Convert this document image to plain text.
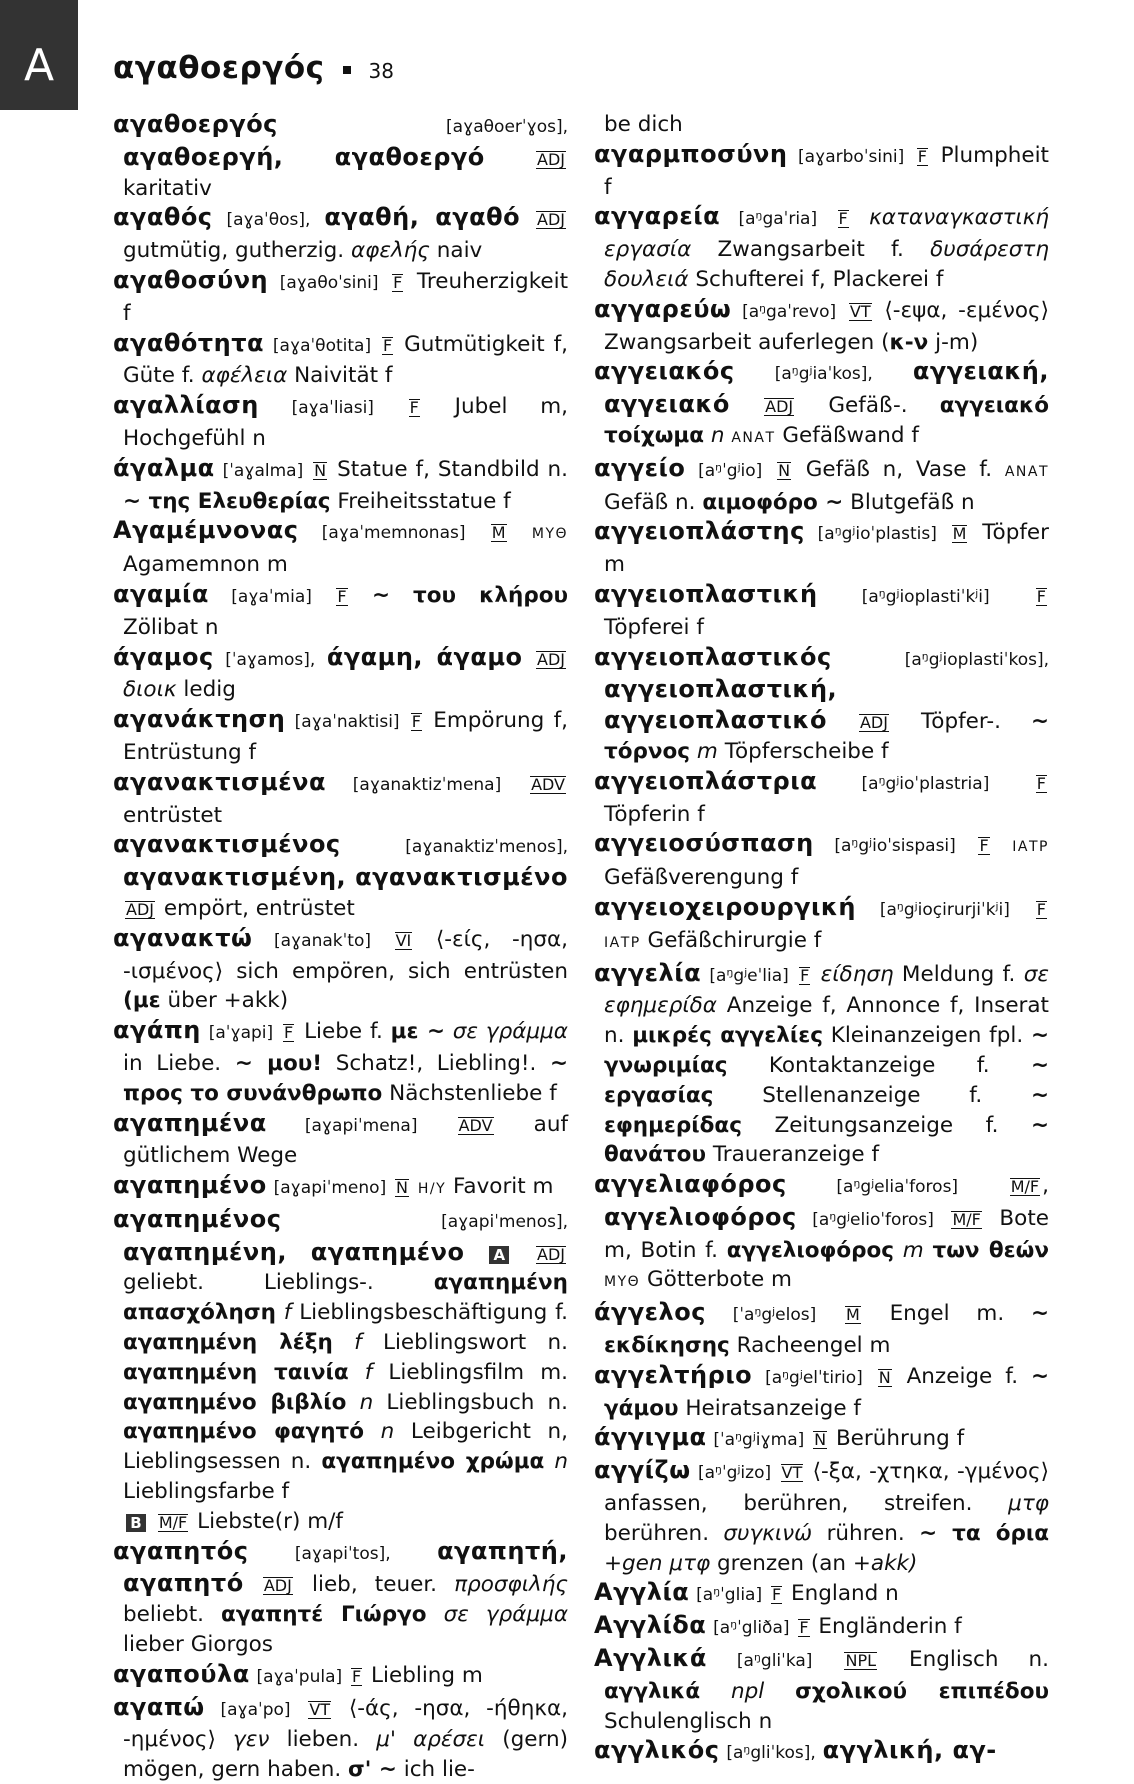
A αγαθοεργός 38
αγαθοεργός	[aɣaθoerˈɣos], αγαθοεργή, αγαθοεργό	ADJ karitativ
αγαθός [aɣaˈθos], αγαθή, αγαθό ADJ gutmütig, gutherzig. αφελής naiv
αγαθοσύνη [aɣaθoˈsini] F Treuherzigkeit f
αγαθότητα [aɣaˈθotita] F Gutmütigkeit f, Güte f. αφέλεια Naivität f
αγαλλίαση [aɣaˈliasi] F Jubel m, Hochgefühl n
άγαλμα [ˈaɣalma] N Statue f, Standbild n. ~ της Ελευθερίας Freiheitsstatue f
Αγαμέμνονας [aɣaˈmemnonas] M ΜΥΘ Agamemnon m
αγαμία [aɣaˈmia] F ~ του κλήρου Zölibat n
άγαμος [ˈaɣamos], άγαμη, άγαμο ADJ διοικ ledig
αγανάκτηση [aɣaˈnaktisi] F Empörung f, Entrüstung f
αγανακτισμένα [aɣanaktizˈmena] ADV entrüstet
αγανακτισμένος	[aɣanaktizˈmenos], αγανακτισμένη, αγανακτισμένο ADJ empört, entrüstet
αγανακτώ [aɣanakˈto] VI ⟨-είς, -ησα, -ισμένος⟩ sich empören, sich entrüsten (με über +akk)
αγάπη [aˈɣapi] F Liebe f. με ~ σε γράμμα in Liebe. ~ μου! Schatz!, Liebling!. ~ προς το συνάνθρωπο Nächstenliebe f
αγαπημένα [aɣapiˈmena]	ADV auf gütlichem Wege
αγαπημένο [aɣapiˈmeno] N Η/Υ Favorit m
αγαπημένος	[aɣapiˈmenos], αγαπημένη, αγαπημένο A ADJ geliebt. Lieblings-.	αγαπημένη απασχόληση f Lieblingsbeschäftigung f. αγαπημένη λέξη f Lieblingswort n. αγαπημένη ταινία f Lieblingsfilm m. αγαπημένο βιβλίο n Lieblingsbuch n. αγαπημένο φαγητό n Leibgericht n, Lieblingsessen n. αγαπημένο χρώμα n Lieblingsfarbe f
B M/F Liebste(r) m/f
αγαπητός	[aɣapiˈtos], αγαπητή, αγαπητό ADJ lieb, teuer. προσφιλής beliebt. αγαπητέ Γιώργο σε γράμμα lieber Giorgos
αγαπούλα [aɣaˈpula] F Liebling m
αγαπώ [aɣaˈpo] VT ⟨-άς, -ησα, -ήθηκα, -ημένος⟩ γεν lieben. μ' αρέσει (gern) mögen, gern haben. σ' ~ ich lie-
be dich
αγαρμποσύνη [aɣarboˈsini] F Plumpheit f
αγγαρεία [aᵑgaˈria] F καταναγκαστική εργασία Zwangsarbeit f. δυσάρεστη δουλειά Schufterei f, Plackerei f
αγγαρεύω [aᵑgaˈrevo] VT ⟨-εψα, -εμένος⟩ Zwangsarbeit auferlegen (κ-ν j-m)
αγγειακός [aᵑgʲiaˈkos], αγγειακή, αγγειακό ADJ Gefäß-. αγγειακό τοίχωμα n ΑΝΑΤ Gefäßwand f
αγγείο [aᵑˈgʲio] N Gefäß n, Vase f. ΑΝΑΤ Gefäß n. αιμοφόρο ~ Blutgefäß n
αγγειοπλάστης [aᵑgʲioˈplastis] M Töpfer m
αγγειοπλαστική	[aᵑgʲioplastiˈkʲi]	F Töpferei f
αγγειοπλαστικός	[aᵑgʲioplastiˈkos], αγγειοπλαστική, αγγειοπλαστικό ADJ Töpfer-. ~ τόρνος m Töpferscheibe f
αγγειοπλάστρια	[aᵑgʲioˈplastria]	F Töpferin f
αγγειοσύσπαση [aᵑgʲioˈsispasi] F ΙΑΤΡ Gefäßverengung f
αγγειοχειρουργική [aᵑgʲioçirurjiˈkʲi] F ΙΑΤΡ Gefäßchirurgie f
αγγελία [aᵑgʲeˈlia] F είδηση Meldung f. σε εφημερίδα Anzeige f, Annonce f, Inserat n. μικρές αγγελίες Kleinanzeigen fpl. ~ γνωριμίας Kontaktanzeige f. ~ εργασίας Stellenanzeige f. ~ εφημερίδας Zeitungsanzeige f. ~ θανάτου Traueranzeige f
αγγελιαφόρος	[aᵑgʲeliaˈforos]	M/F , αγγελιοφόρος [aᵑgʲelioˈforos] M/F Bote m, Botin f. αγγελιοφόρος m των θεών ΜΥΘ Götterbote m
άγγελος [ˈaᵑgʲelos] M Engel m. ~ εκδίκησης Racheengel m
αγγελτήριο [aᵑgʲelˈtirio] N Anzeige f. ~ γάμου Heiratsanzeige f
άγγιγμα [ˈaᵑgʲiɣma] N Berührung f
αγγίζω [aᵑˈgʲizo] VT ⟨-ξα, -χτηκα, -γμένος⟩ anfassen, berühren, streifen. μτφ berühren. συγκινώ rühren. ~ τα όρια +gen μτφ grenzen (an +akk)
Αγγλία [aᵑˈglia] F England n
Αγγλίδα [aᵑˈgliða] F Engländerin f
Αγγλικά [aᵑgliˈka] NPL Englisch n. αγγλικά npl σχολικού επιπέδου Schulenglisch n
αγγλικός [aᵑgliˈkos], αγγλική, αγ-
